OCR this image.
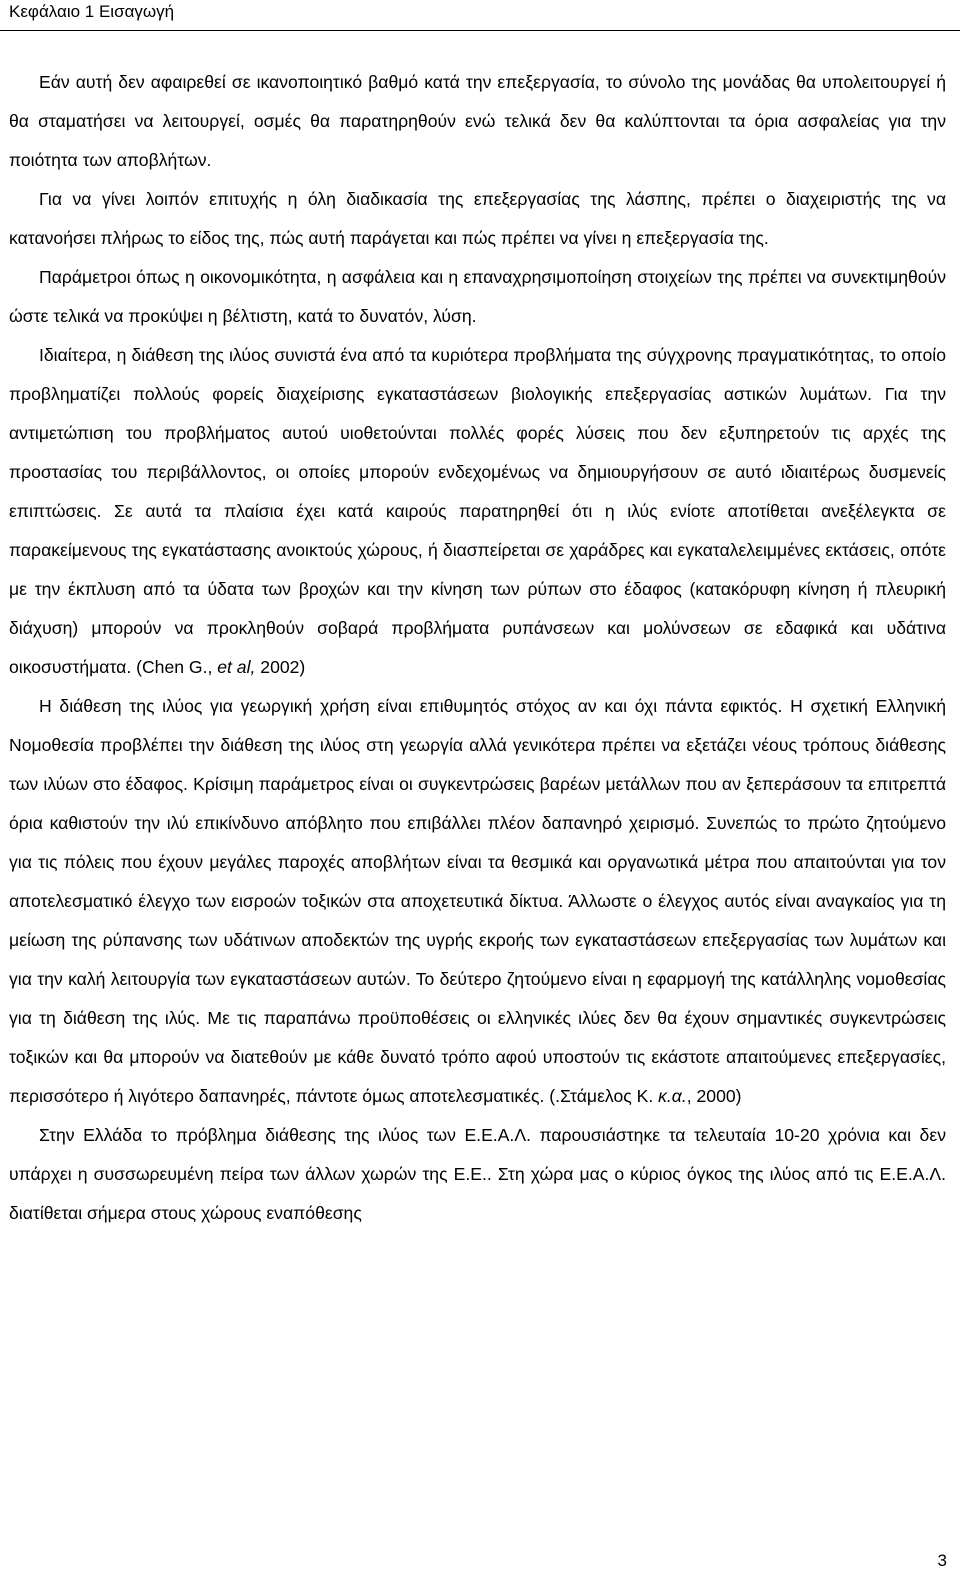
Κεφάλαιο 1 Εισαγωγή

Εάν αυτή δεν αφαιρεθεί σε ικανοποιητικό βαθμό κατά την επεξεργασία, το σύνολο της μονάδας θα υπολειτουργεί ή θα σταματήσει να λειτουργεί, οσμές θα παρατηρηθούν ενώ τελικά δεν θα καλύπτονται τα όρια ασφαλείας για την ποιότητα των αποβλήτων.

Για να γίνει λοιπόν επιτυχής η όλη διαδικασία της επεξεργασίας της λάσπης, πρέπει ο διαχειριστής της να κατανοήσει πλήρως το είδος της, πώς αυτή παράγεται και πώς πρέπει να γίνει η επεξεργασία της.

Παράμετροι όπως η οικονομικότητα, η ασφάλεια και η επαναχρησιμοποίηση στοιχείων της πρέπει να συνεκτιμηθούν ώστε τελικά να προκύψει η βέλτιστη, κατά το δυνατόν, λύση.

Ιδιαίτερα, η διάθεση της ιλύος συνιστά ένα από τα κυριότερα προβλήματα της σύγχρονης πραγματικότητας, το οποίο προβληματίζει πολλούς φορείς διαχείρισης εγκαταστάσεων βιολογικής επεξεργασίας αστικών λυμάτων. Για την αντιμετώπιση του προβλήματος αυτού υιοθετούνται πολλές φορές λύσεις που δεν εξυπηρετούν τις αρχές της προστασίας του περιβάλλοντος, οι οποίες μπορούν ενδεχομένως να δημιουργήσουν σε αυτό ιδιαιτέρως δυσμενείς επιπτώσεις. Σε αυτά τα πλαίσια έχει κατά καιρούς παρατηρηθεί ότι η ιλύς ενίοτε αποτίθεται ανεξέλεγκτα σε παρακείμενους της εγκατάστασης ανοικτούς χώρους, ή διασπείρεται σε χαράδρες και εγκαταλελειμμένες εκτάσεις, οπότε με την έκπλυση από τα ύδατα των βροχών και την κίνηση των ρύπων στο έδαφος (κατακόρυφη κίνηση ή πλευρική διάχυση) μπορούν να προκληθούν σοβαρά προβλήματα ρυπάνσεων και μολύνσεων σε εδαφικά και υδάτινα οικοσυστήματα. (Chen G., et al, 2002)

Η διάθεση της ιλύος για γεωργική χρήση είναι επιθυμητός στόχος αν και όχι πάντα εφικτός. Η σχετική Ελληνική Νομοθεσία προβλέπει την διάθεση της ιλύος στη γεωργία αλλά γενικότερα πρέπει να εξετάζει νέους τρόπους διάθεσης των ιλύων στο έδαφος. Κρίσιμη παράμετρος είναι οι συγκεντρώσεις βαρέων μετάλλων που αν ξεπεράσουν τα επιτρεπτά όρια καθιστούν την ιλύ επικίνδυνο απόβλητο που επιβάλλει πλέον δαπανηρό χειρισμό. Συνεπώς το πρώτο ζητούμενο για τις πόλεις που έχουν μεγάλες παροχές αποβλήτων είναι τα θεσμικά και οργανωτικά μέτρα που απαιτούνται για τον αποτελεσματικό έλεγχο των εισροών τοξικών στα αποχετευτικά δίκτυα. Άλλωστε ο έλεγχος αυτός είναι αναγκαίος για τη μείωση της ρύπανσης των υδάτινων αποδεκτών της υγρής εκροής των εγκαταστάσεων επεξεργασίας των λυμάτων και για την καλή λειτουργία των εγκαταστάσεων αυτών. Το δεύτερο ζητούμενο είναι η εφαρμογή της κατάλληλης νομοθεσίας για τη διάθεση της ιλύς. Με τις παραπάνω προϋποθέσεις οι ελληνικές ιλύες δεν θα έχουν σημαντικές συγκεντρώσεις τοξικών και θα μπορούν να διατεθούν με κάθε δυνατό τρόπο αφού υποστούν τις εκάστοτε απαιτούμενες επεξεργασίες, περισσότερο ή λιγότερο δαπανηρές, πάντοτε όμως αποτελεσματικές. (.Στάμελος Κ. κ.α., 2000)

Στην Ελλάδα το πρόβλημα διάθεσης της ιλύος των Ε.Ε.Α.Λ. παρουσιάστηκε τα τελευταία 10-20 χρόνια και δεν υπάρχει η συσσωρευμένη πείρα των άλλων χωρών της Ε.Ε.. Στη χώρα μας ο κύριος όγκος της ιλύος από τις Ε.Ε.Α.Λ. διατίθεται σήμερα στους χώρους εναπόθεσης

3
